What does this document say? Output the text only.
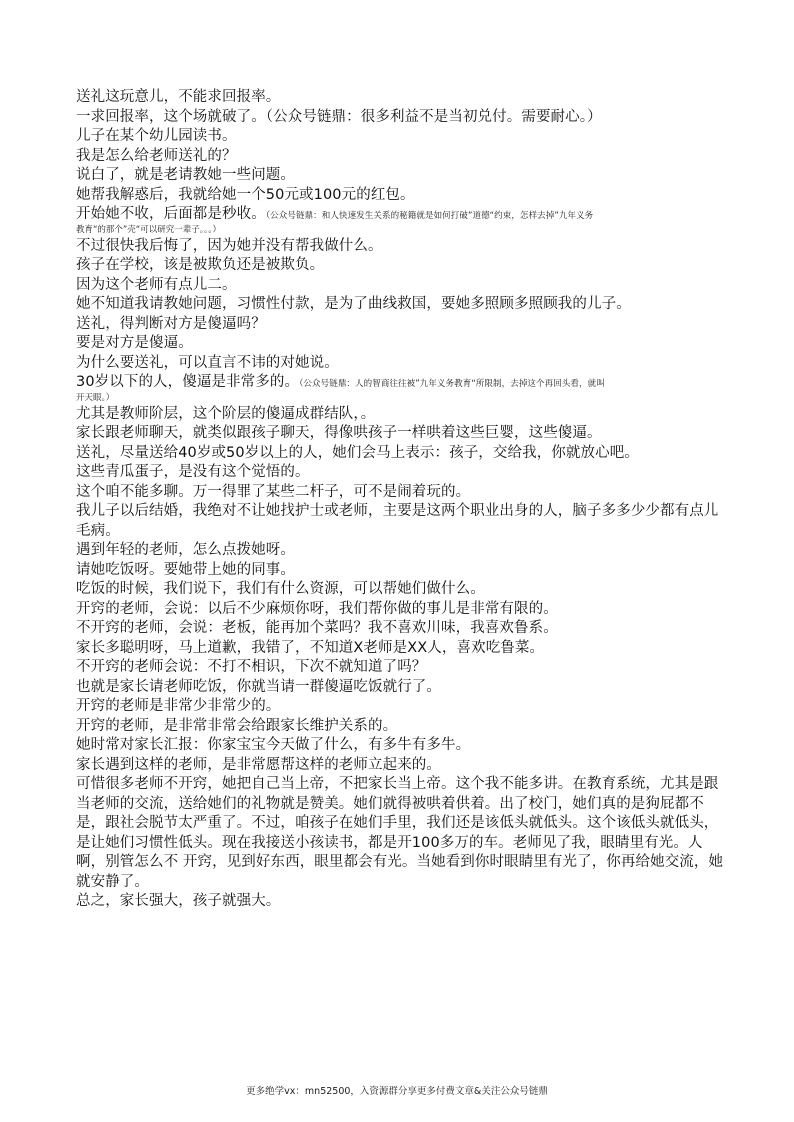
送礼这玩意儿，不能求回报率。

一求回报率，这个场就破了。（公众号链鼎：很多利益不是当初兑付。需要耐心。）

儿子在某个幼儿园读书。

我是怎么给老师送礼的？

说白了，就是老请教她一些问题。

她帮我解惑后，我就给她一个50元或100元的红包。

开始她不收，后面都是秒收。（公众号链鼎：和人快速发生关系的秘籍就是如何打破”道德“约束，怎样去掉”九年义务

教育“的那个”壳“可以研究一辈子。。。）

不过很快我后悔了，因为她并没有帮我做什么。

孩子在学校，该是被欺负还是被欺负。

因为这个老师有点儿二。

她不知道我请教她问题，习惯性付款，是为了曲线救国，要她多照顾多照顾我的儿子。

送礼，得判断对方是傻逼吗？

要是对方是傻逼。

为什么要送礼，可以直言不讳的对她说。

30岁以下的人，傻逼是非常多的。（公众号链鼎：人的智商往往被”九年义务教育“所限制，去掉这个再回头看，就叫

开天眼。）

尤其是教师阶层，这个阶层的傻逼成群结队，。

家长跟老师聊天，就类似跟孩子聊天，得像哄孩子一样哄着这些巨婴，这些傻逼。

送礼，尽量送给40岁或50岁以上的人，她们会马上表示：孩子，交给我，你就放心吧。

这些青瓜蛋子，是没有这个觉悟的。

这个咱不能多聊。万一得罪了某些二杆子，可不是闹着玩的。

我儿子以后结婚，我绝对不让她找护士或老师，主要是这两个职业出身的人，脑子多多少少都有点儿毛病。

遇到年轻的老师，怎么点拨她呀。

请她吃饭呀。要她带上她的同事。

吃饭的时候，我们说下，我们有什么资源，可以帮她们做什么。

开窍的老师，会说：以后不少麻烦你呀，我们帮你做的事儿是非常有限的。

不开窍的老师，会说：老板，能再加个菜吗？我不喜欢川味，我喜欢鲁系。

家长多聪明呀，马上道歉，我错了，不知道X老师是XX人，喜欢吃鲁菜。

不开窍的老师会说：不打不相识，下次不就知道了吗？

也就是家长请老师吃饭，你就当请一群傻逼吃饭就行了。

开窍的老师是非常少非常少的。

开窍的老师，是非常非常会给跟家长维护关系的。

她时常对家长汇报：你家宝宝今天做了什么，有多牛有多牛。

家长遇到这样的老师，是非常愿帮这样的老师立起来的。

可惜很多老师不开窍，她把自己当上帝，不把家长当上帝。这个我不能多讲。在教育系统，尤其是跟当老师的交流，送给她们的礼物就是赞美。她们就得被哄着供着。出了校门，她们真的是狗屁都不是，跟社会脱节太严重了。不过，咱孩子在她们手里，我们还是该低头就低头。这个该低头就低头，是让她们习惯性低头。现在我接送小孩读书，都是开100多万的车。老师见了我，眼睛里有光。人啊，别管怎么不 开窍，见到好东西，眼里都会有光。当她看到你时眼睛里有光了，你再给她交流，她就安静了。

总之，家长强大，孩子就强大。

更多绝学vx：mn52500，入资源群分享更多付费文章&关注公众号链鼎
